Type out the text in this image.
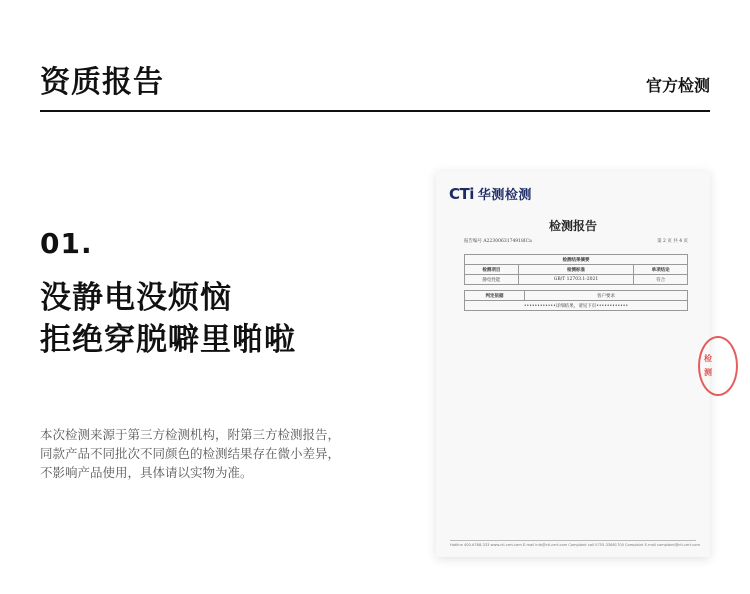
资质报告	官方检测
01.
没静电没烦恼
拒绝穿脱噼里啪啦
本次检测来源于第三方检测机构，附第三方检测报告，
同款产品不同批次不同颜色的检测结果存在微小差异，
不影响产品使用，具体请以实物为准。
CTi 华测检测
检测报告
报告编号 A2230063174918ICa	第 2 页 共 4 页
检测结果摘要		
检测项目	检测标准	单项结论
静电性能	GB/T 12703.1-2021	符合
判定依据	客户要求
••••••••••••详细结果，请见下页••••••••••••
检
测
Hotline 400-6788-333 www.cti-cert.com E-mail info@cti-cert.com Complaint call 0755-33681700 Complaint E-mail complaint@cti-cert.com
